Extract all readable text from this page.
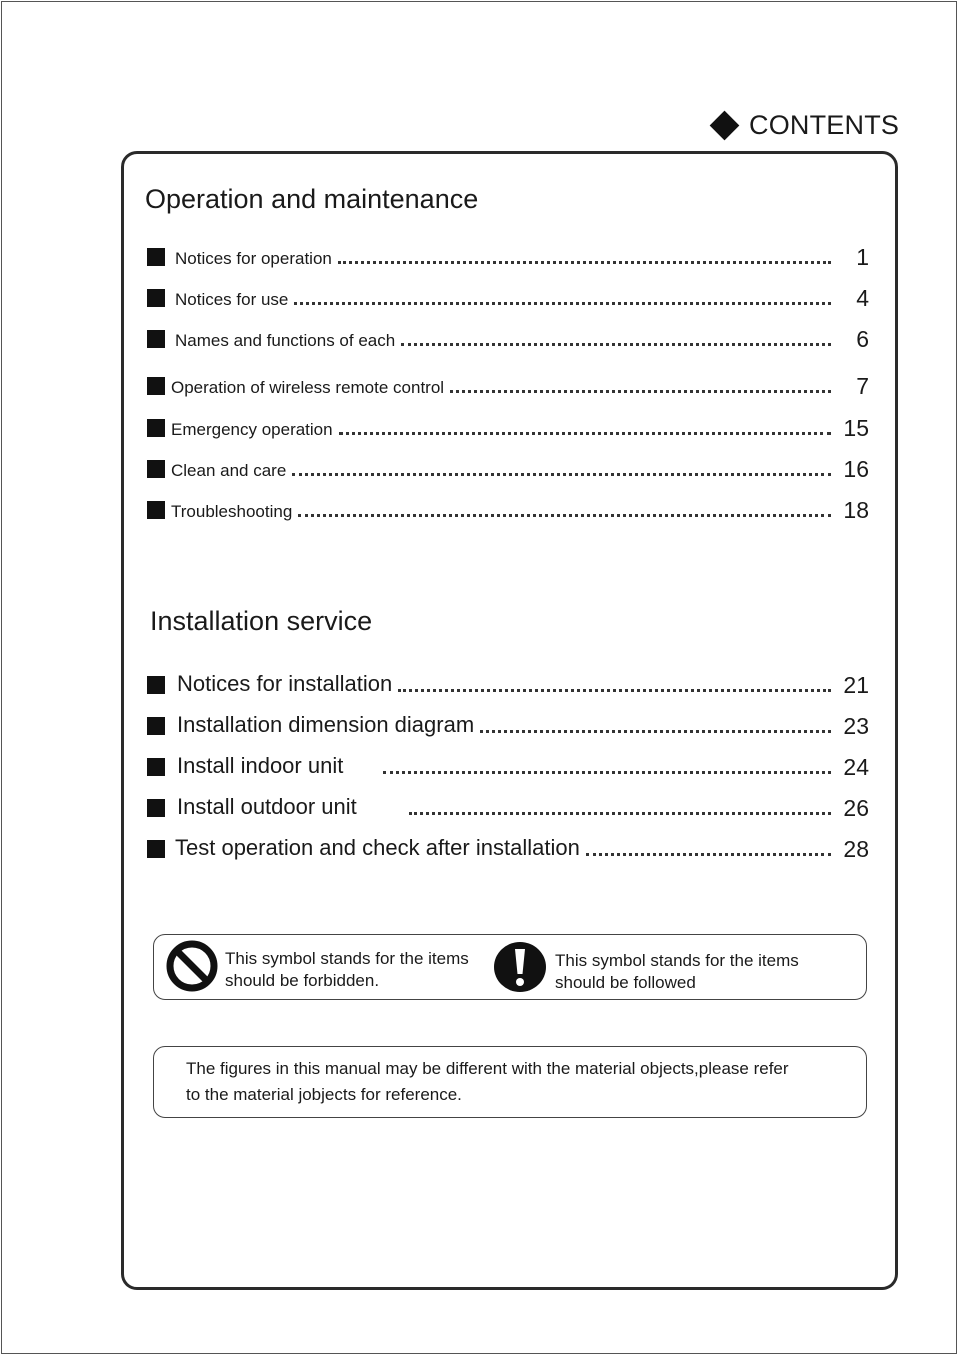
CONTENTS
Operation and maintenance
Notices for operation	1
Notices for use	4
Names and functions of each	6
Operation of wireless remote control	7
Emergency operation	15
Clean and care	16
Troubleshooting	18
Installation service
Notices for installation	21
Installation dimension diagram	23
Install indoor unit	24
Install outdoor unit	26
Test operation and check after installation	28
This symbol stands for the items
should be forbidden.
This symbol stands for the items
should be followed
The figures in this manual may be different with the material objects,please refer
to the material jobjects for reference.
